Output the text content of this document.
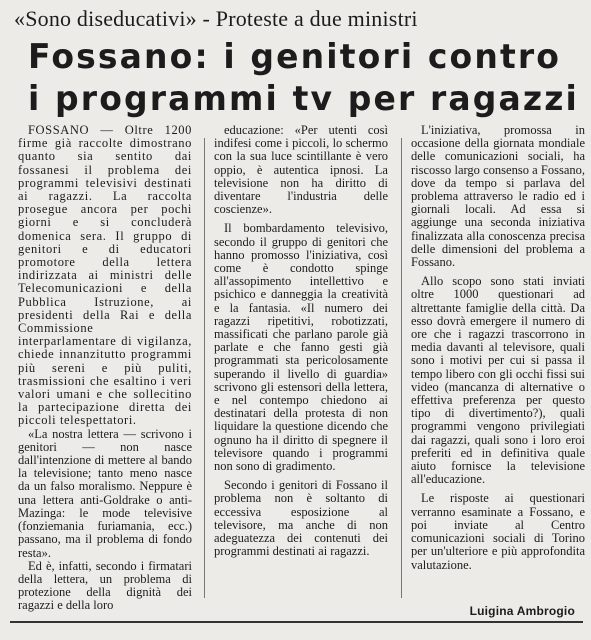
«Sono diseducativi» - Proteste a due ministri
Fossano: i genitori contro
i programmi tv per ragazzi

FOSSANO — Oltre 1200 firme già raccolte dimostrano quanto sia sentito dai fossanesi il problema dei programmi televisivi destinati ai ragazzi. La raccolta prosegue ancora per pochi giorni e si concluderà domenica sera. Il gruppo di genitori e di educatori promotore della lettera indirizzata ai ministri delle Telecomunicazioni e della Pubblica Istruzione, ai presidenti della Rai e della Commissione interparlamentare di vigilanza, chiede innanzitutto programmi più sereni e più puliti, trasmissioni che esaltino i veri valori umani e che sollecitino la partecipazione diretta dei piccoli telespettatori.

«La nostra lettera — scrivono i genitori — non nasce dall'intenzione di mettere al bando la televisione; tanto meno nasce da un falso moralismo. Neppure è una lettera anti-Goldrake o anti-Mazinga: le mode televisive (fonziemania furiamania, ecc.) passano, ma il problema di fondo resta».

Ed è, infatti, secondo i firmatari della lettera, un problema di protezione della dignità dei ragazzi e della loro

educazione: «Per utenti così indifesi come i piccoli, lo schermo con la sua luce scintillante è vero oppio, è autentica ipnosi. La televisione non ha diritto di diventare l'industria delle coscienze».

Il bombardamento televisivo, secondo il gruppo di genitori che hanno promosso l'iniziativa, così come è condotto spinge all'assopimento intellettivo e psichico e danneggia la creatività e la fantasia. «Il numero dei ragazzi ripetitivi, robotizzati, massificati che parlano parole già parlate e che fanno gesti già programmati sta pericolosamente superando il livello di guardia» scrivono gli estensori della lettera, e nel contempo chiedono ai destinatari della protesta di non liquidare la questione dicendo che ognuno ha il diritto di spegnere il televisore quando i programmi non sono di gradimento.

Secondo i genitori di Fossano il problema non è soltanto di eccessiva esposizione al televisore, ma anche di non adeguatezza dei contenuti dei programmi destinati ai ragazzi.

L'iniziativa, promossa in occasione della giornata mondiale delle comunicazioni sociali, ha riscosso largo consenso a Fossano, dove da tempo si parlava del problema attraverso le radio ed i giornali locali. Ad essa si aggiunge una seconda iniziativa finalizzata alla conoscenza precisa delle dimensioni del problema a Fossano.

Allo scopo sono stati inviati oltre 1000 questionari ad altrettante famiglie della città. Da esso dovrà emergere il numero di ore che i ragazzi trascorrono in media davanti al televisore, quali sono i motivi per cui si passa il tempo libero con gli occhi fissi sui video (mancanza di alternative o effettiva preferenza per questo tipo di divertimento?), quali programmi vengono privilegiati dai ragazzi, quali sono i loro eroi preferiti ed in definitiva quale aiuto forniscе la televisione all'educazione.

Le risposte ai questionari verranno esaminate a Fossano, e poi inviate al Centro comunicazioni sociali di Torino per un'ulteriore e più approfondita valutazione.

Luigina Ambrogio
